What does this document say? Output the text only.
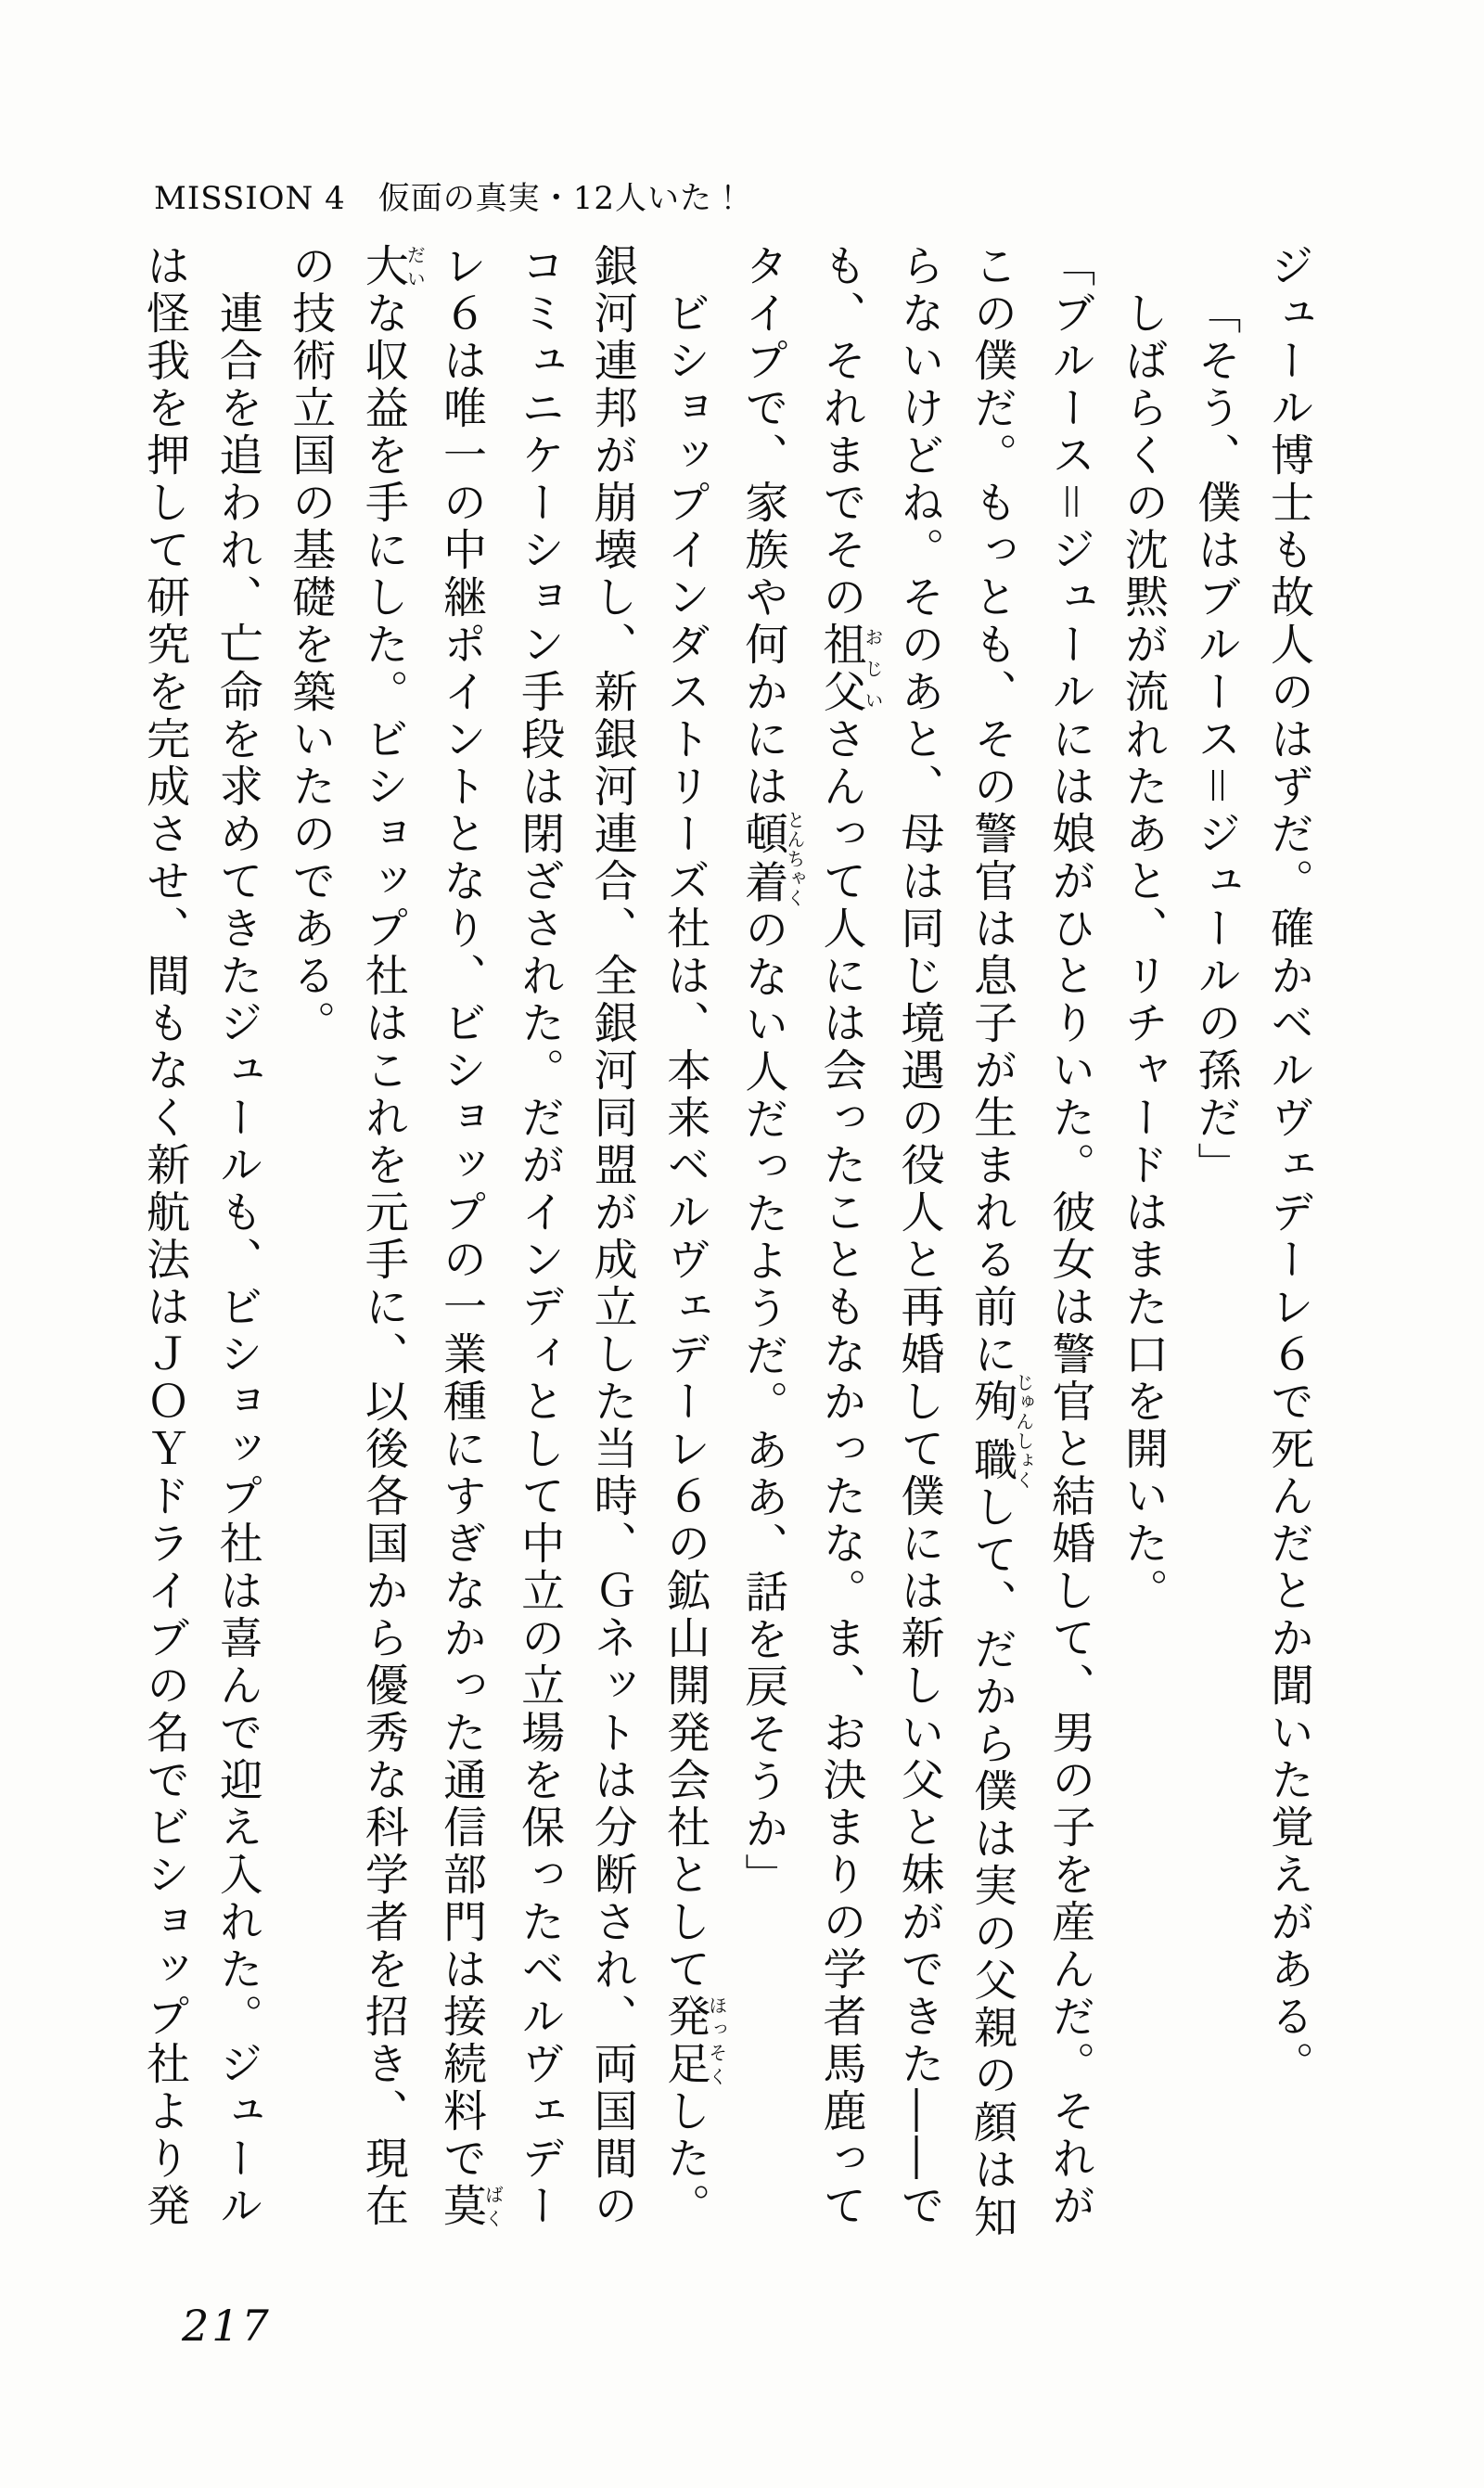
MISSION 4　仮面の真実・12人いた！
ジュール博士も故人のはずだ。確かベルヴェデーレ６で死んだとか聞いた覚えがある。
「そう、僕はブルース＝ジュールの孫だ」
しばらくの沈黙が流れたあと、リチャードはまた口を開いた。
「ブルース＝ジュールには娘がひとりいた。彼女は警官と結婚して、男の子を産んだ。それが
この僕だ。もっとも、その警官は息子が生まれる前に殉職じゅんしょくして、だから僕は実の父親の顔は知
らないけどね。そのあと、母は同じ境遇の役人と再婚して僕には新しい父と妹ができた――で
も、それまでその祖父おじいさんって人には会ったこともなかったな。ま、お決まりの学者馬鹿って
タイプで、家族や何かには頓着とんちゃくのない人だったようだ。ああ、話を戻そうか」
ビショップインダストリーズ社は、本来ベルヴェデーレ６の鉱山開発会社として発足ほっそくした。
銀河連邦が崩壊し、新銀河連合、全銀河同盟が成立した当時、Ｇネットは分断され、両国間の
コミュニケーション手段は閉ざされた。だがインディとして中立の立場を保ったベルヴェデー
レ６は唯一の中継ポイントとなり、ビショップの一業種にすぎなかった通信部門は接続料で莫ばく
大だいな収益を手にした。ビショップ社はこれを元手に、以後各国から優秀な科学者を招き、現在
の技術立国の基礎を築いたのである。
連合を追われ、亡命を求めてきたジュールも、ビショップ社は喜んで迎え入れた。ジュール
は怪我を押して研究を完成させ、間もなく新航法はＪＯＹドライブの名でビショップ社より発
217
